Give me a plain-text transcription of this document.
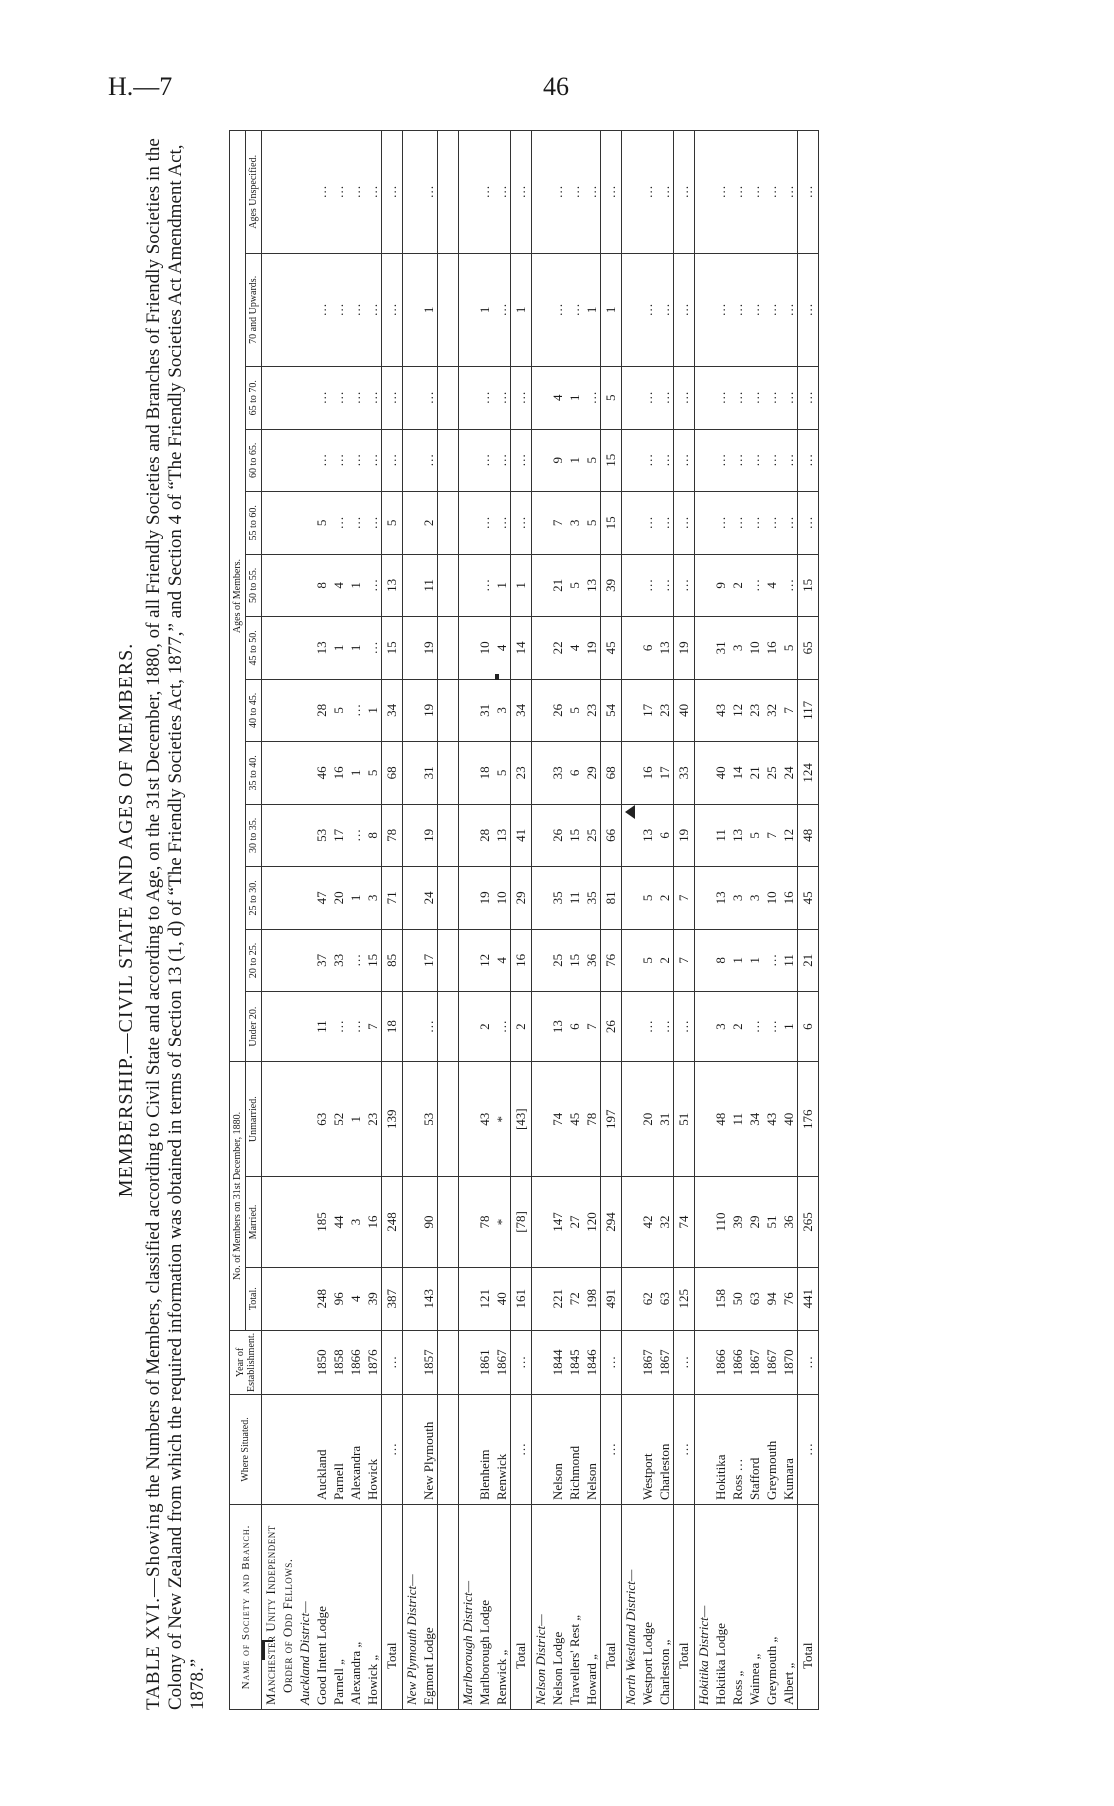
H.—7	46
MEMBERSHIP.—CIVIL STATE AND AGES OF MEMBERS.

TABLE XVI.—Showing the Numbers of Members, classified according to Civil State and according to Age, on the 31st December, 1880, of all Friendly Societies and Branches of Friendly Societies in the Colony of New Zealand from which the required information was obtained in terms of Section 13 (1, d) of “The Friendly Societies Act, 1877,” and Section 4 of “The Friendly Societies Act Amendment Act, 1878.”	Name of Society and Branch.	Where Situated.	Year of Establishment.	No. of Members on 31st December, 1880.			Ages of Members.												
			Total.	Married.	Unmarried.	Under 20.	20 to 25.	25 to 30.	30 to 35.	35 to 40.	40 to 45.	45 to 50.	50 to 55.	55 to 60.	60 to 65.	65 to 70.	70 and Upwards.	Ages Unspecified.
Manchester Unity Independent																		
Order of Odd Fellows.																		
Auckland District—																		
Good Intent Lodge	Auckland	1850	248	185	63	11	37	47	53	46	28	13	8	5	…	…	…	…
Parnell „	Parnell	1858	96	44	52	…	33	20	17	16	5	1	4	…	…	…	…	…
Alexandra „	Alexandra	1866	4	3	1	…	…	1	…	1	…	1	1	…	…	…	…	…
Howick „	Howick	1876	39	16	23	7	15	3	8	5	1	…	…	…	…	…	…	…
Total	…	…	387	248	139	18	85	71	78	68	34	15	13	5	…	…	…	…
New Plymouth District—																		
Egmont Lodge	New Plymouth	1857	143	90	53	…	17	24	19	31	19	19	11	2	…	…	1	…

Marlborough District—																		
Marlborough Lodge	Blenheim	1861	121	78	43	2	12	19	28	18	31	10	…	…	…	…	1	…
Renwick „	Renwick	1867	40	*	*	…	4	10	13	5	3	4	1	…	…	…	…	…
Total	…	…	161	[78]	[43]	2	16	29	41	23	34	14	1	…	…	…	1	…
Nelson District—																		
Nelson Lodge	Nelson	1844	221	147	74	13	25	35	26	33	26	22	21	7	9	4	…	…
Travellers' Rest „	Richmond	1845	72	27	45	6	15	11	15	6	5	4	5	3	1	1	…	…
Howard „	Nelson	1846	198	120	78	7	36	35	25	29	23	19	13	5	5	…	1	…
Total	…	…	491	294	197	26	76	81	66	68	54	45	39	15	15	5	1	…
North Westland District—																		
Westport Lodge	Westport	1867	62	42	20	…	5	5	13	16	17	6	…	…	…	…	…	…
Charleston „	Charleston	1867	63	32	31	…	2	2	6	17	23	13	…	…	…	…	…	…
Total	…	…	125	74	51	…	7	7	19	33	40	19	…	…	…	…	…	…
Hokitika District—																		
Hokitika Lodge	Hokitika	1866	158	110	48	3	8	13	11	40	43	31	9	…	…	…	…	…
Ross „	Ross …	1866	50	39	11	2	1	3	13	14	12	3	2	…	…	…	…	…
Waimea „	Stafford	1867	63	29	34	…	1	3	5	21	23	10	…	…	…	…	…	…
Greymouth „	Greymouth	1867	94	51	43	…	…	10	7	25	32	16	4	…	…	…	…	…
Albert „	Kumara	1870	76	36	40	1	11	16	12	24	7	5	…	…	…	…	…	…
Total	…	…	441	265	176	6	21	45	48	124	117	65	15	…	…	…	…	…
